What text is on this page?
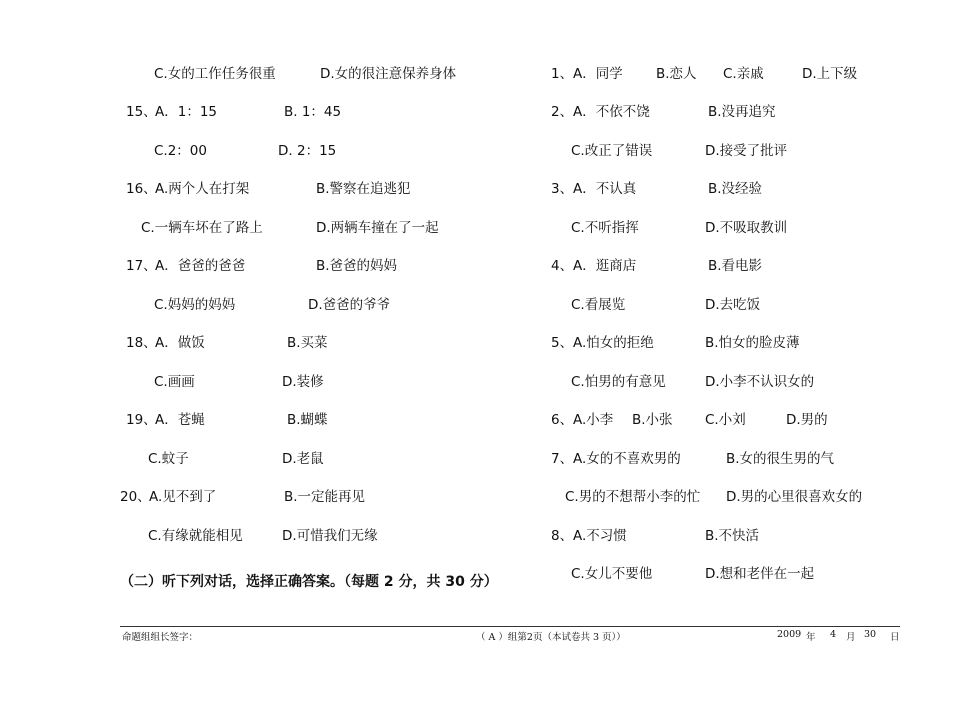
C.女的工作任务很重	D.女的很注意保养身体
15、
A．1：15	B. 1：45
C.2：00	D. 2：15
16、
A.两个人在打架	B.警察在追逃犯
C.一辆车坏在了路上	D.两辆车撞在了一起
17、
A．爸爸的爸爸	B.爸爸的妈妈
C.妈妈的妈妈	D.爸爸的爷爷
18、
A．做饭	B.买菜
C.画画	D.装修
19、
A．苍蝇	B.蝴蝶
C.蚊子	D.老鼠
20、
A.见不到了	B.一定能再见
C.有缘就能相见	D.可惜我们无缘
（二）听下列对话，选择正确答案。（每题 2 分，共 30 分）
1、 A．同学 B.恋人 C.亲戚	D.上下级
2、 A．不依不饶	B.没再追究
C.改正了错误	D.接受了批评
3、 A．不认真	B.没经验
C.不听指挥	D.不吸取教训
4、 A．逛商店	B.看电影
C.看展览	D.去吃饭
5、 A.怕女的拒绝	B.怕女的脸皮薄
C.怕男的有意见	D.小李不认识女的
6、 A.小李 B.小张 C.小刘	D.男的
7、 A.女的不喜欢男的	B.女的很生男的气
C.男的不想帮小李的忙 D.男的心里很喜欢女的
8、 A.不习惯	B.不快活
C.女儿不要他	D.想和老伴在一起
命题组组长签字：	（ A ）组第2页（本试卷共 3 页））	2009 年 4 月 30 日
